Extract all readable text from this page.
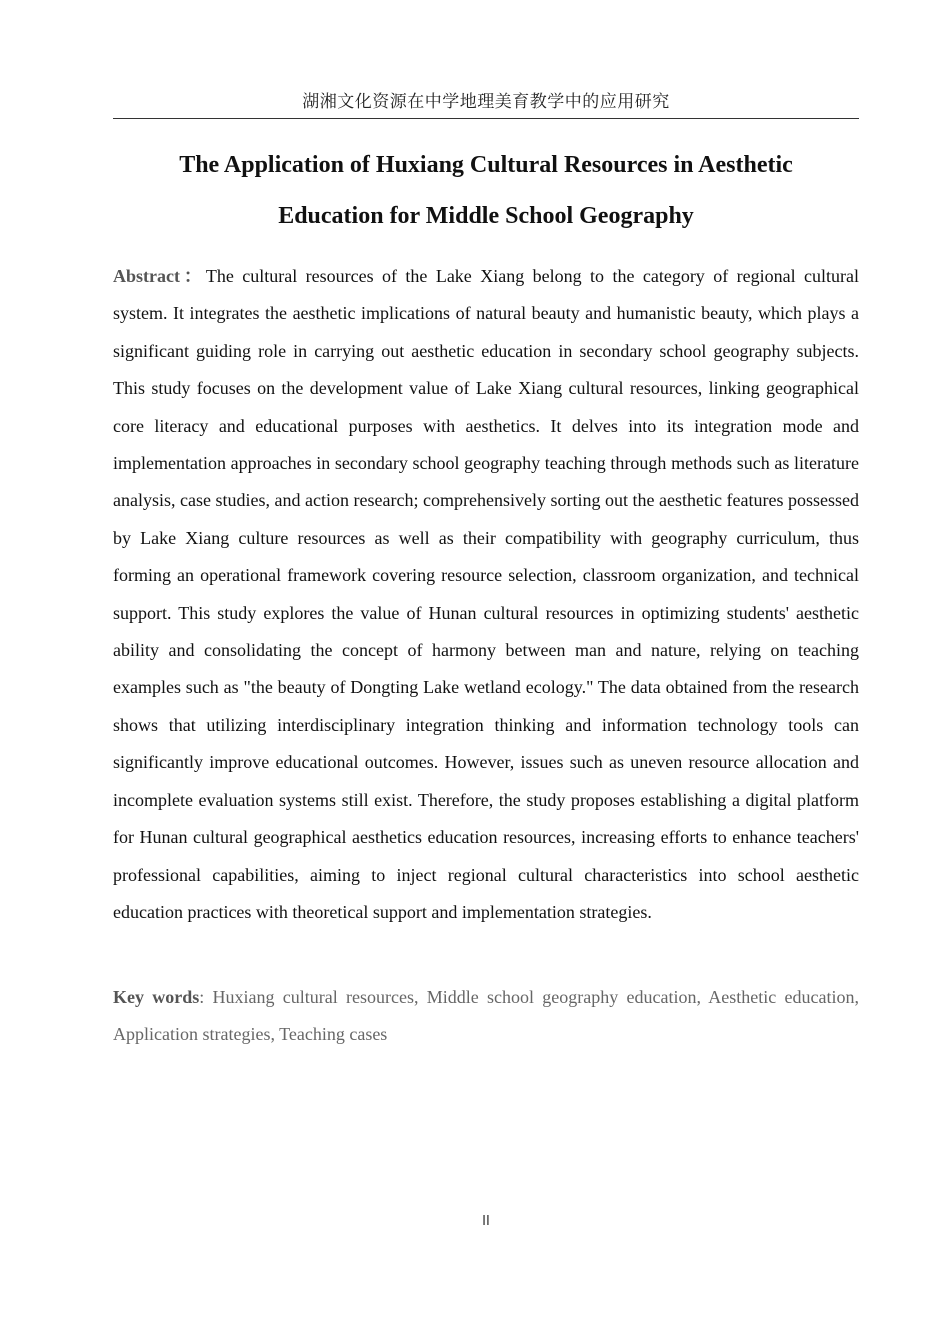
湖湘文化资源在中学地理美育教学中的应用研究
The Application of Huxiang Cultural Resources in Aesthetic
Education for Middle School Geography

Abstract：The cultural resources of the Lake Xiang belong to the category of regional cultural system. It integrates the aesthetic implications of natural beauty and humanistic beauty, which plays a significant guiding role in carrying out aesthetic education in secondary school geography subjects. This study focuses on the development value of Lake Xiang cultural resources, linking geographical core literacy and educational purposes with aesthetics. It delves into its integration mode and implementation approaches in secondary school geography teaching through methods such as literature analysis, case studies, and action research; comprehensively sorting out the aesthetic features possessed by Lake Xiang culture resources as well as their compatibility with geography curriculum, thus forming an operational framework covering resource selection, classroom organization, and technical support. This study explores the value of Hunan cultural resources in optimizing students' aesthetic ability and consolidating the concept of harmony between man and nature, relying on teaching examples such as "the beauty of Dongting Lake wetland ecology." The data obtained from the research shows that utilizing interdisciplinary integration thinking and information technology tools can significantly improve educational outcomes. However, issues such as uneven resource allocation and incomplete evaluation systems still exist. Therefore, the study proposes establishing a digital platform for Hunan cultural geographical aesthetics education resources, increasing efforts to enhance teachers' professional capabilities, aiming to inject regional cultural characteristics into school aesthetic education practices with theoretical support and implementation strategies.

Key words: Huxiang cultural resources, Middle school geography education, Aesthetic education, Application strategies, Teaching cases

II
